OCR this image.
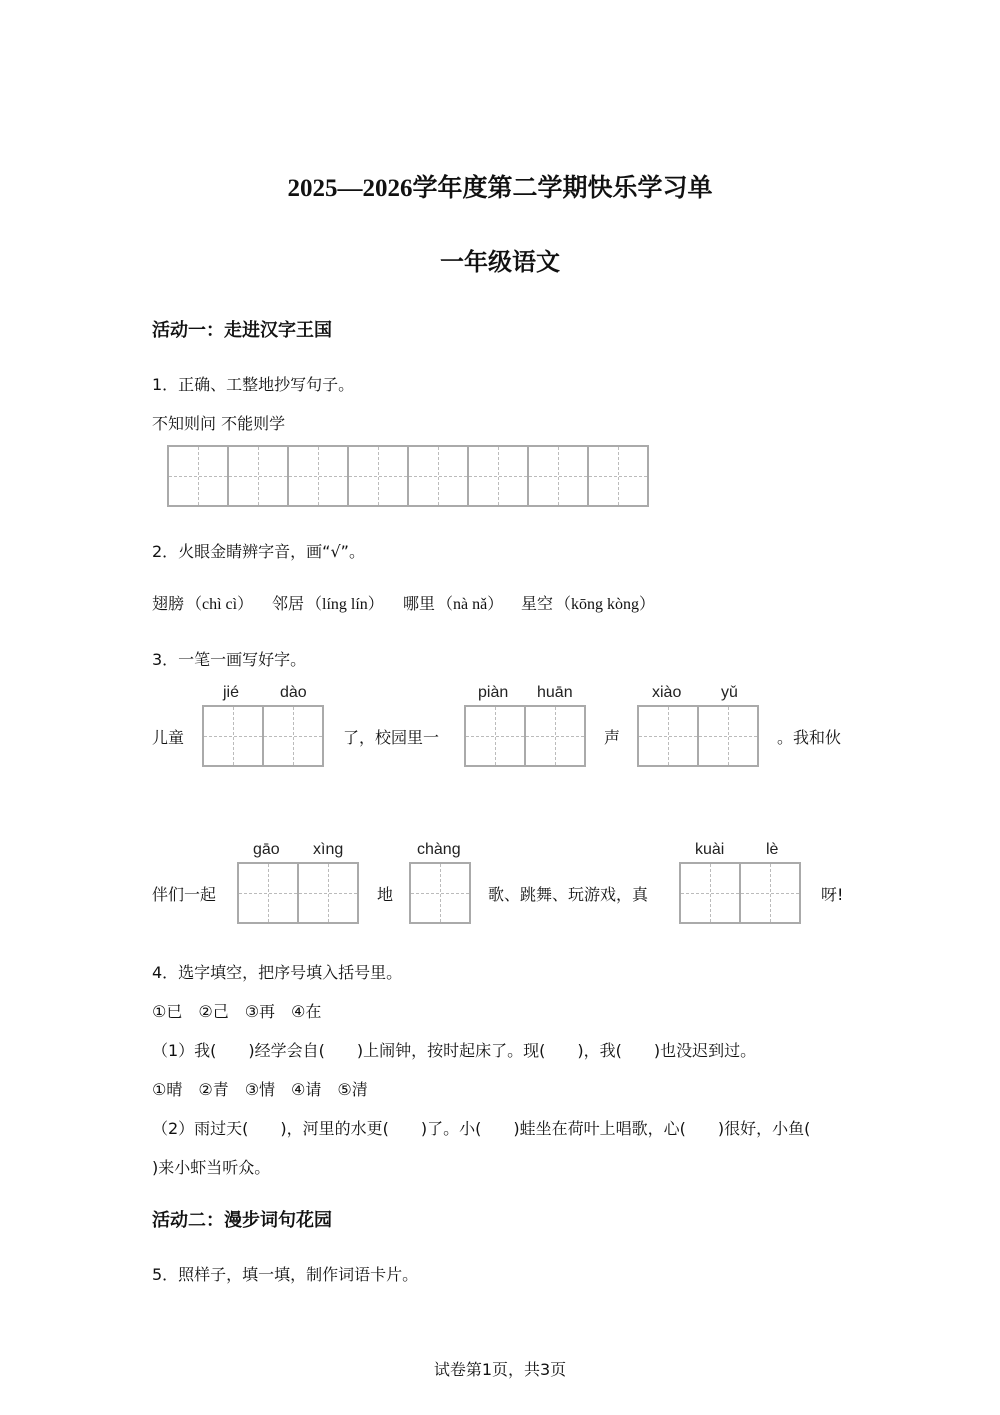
2025—2026学年度第二学期快乐学习单
一年级语文
活动一：走进汉字王国
1．正确、工整地抄写句子。
不知则问 不能则学
2．火眼金睛辨字音，画“√”。
翅膀 （chì cì） 邻居 （líng lín） 哪里 （nà nǎ） 星空 （kōng kòng）
3．一笔一画写好字。
jié	dào
儿童	了，校园里一
piàn huān
声
xiào yǔ
。我和伙
gāo xìng
伴们一起	地
chàng
歌、跳舞、玩游戏，真
kuài	lè
呀!
4．选字填空，把序号填入括号里。
①已　②己　③再　④在
（1）我(　　)经学会自(　　)上闹钟，按时起床了。现(　　)，我(　　)也没迟到过。
①晴　②青　③情　④请　⑤清
（2）雨过天(　　)，河里的水更(　　)了。小(　　)蛙坐在荷叶上唱歌，心(　　)很好，小鱼(
)来小虾当听众。
活动二：漫步词句花园
5．照样子，填一填，制作词语卡片。
试卷第1页，共3页
